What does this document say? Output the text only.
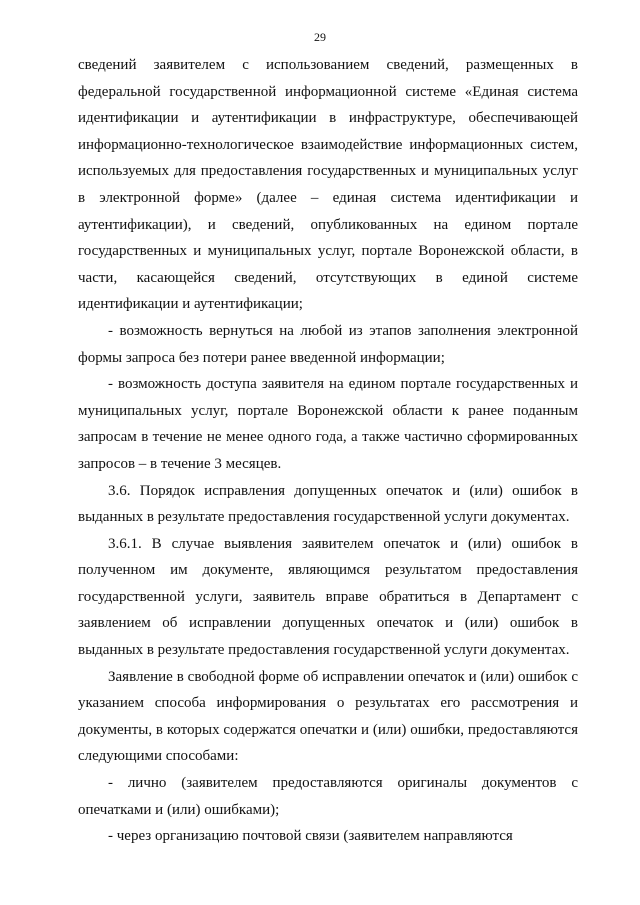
29

сведений заявителем с использованием сведений, размещенных в федеральной государственной информационной системе «Единая система идентификации и аутентификации в инфраструктуре, обеспечивающей информационно-технологическое взаимодействие информационных систем, используемых для предоставления государственных и муниципальных услуг в электронной форме» (далее – единая система идентификации и аутентификации), и сведений, опубликованных на едином портале государственных и муниципальных услуг, портале Воронежской области, в части, касающейся сведений, отсутствующих в единой системе идентификации и аутентификации;

- возможность вернуться на любой из этапов заполнения электронной формы запроса без потери ранее введенной информации;

- возможность доступа заявителя на едином портале государственных и муниципальных услуг, портале Воронежской области к ранее поданным запросам в течение не менее одного года, а также частично сформированных запросов – в течение 3 месяцев.

3.6. Порядок исправления допущенных опечаток и (или) ошибок в выданных в результате предоставления государственной услуги документах.

3.6.1. В случае выявления заявителем опечаток и (или) ошибок в полученном им документе, являющимся результатом предоставления государственной услуги, заявитель вправе обратиться в Департамент с заявлением об исправлении допущенных опечаток и (или) ошибок в выданных в результате предоставления государственной услуги документах.

Заявление в свободной форме об исправлении опечаток и (или) ошибок с указанием способа информирования о результатах его рассмотрения и документы, в которых содержатся опечатки и (или) ошибки, предоставляются следующими способами:

- лично (заявителем предоставляются оригиналы документов с опечатками и (или) ошибками);

- через организацию почтовой связи (заявителем направляются
